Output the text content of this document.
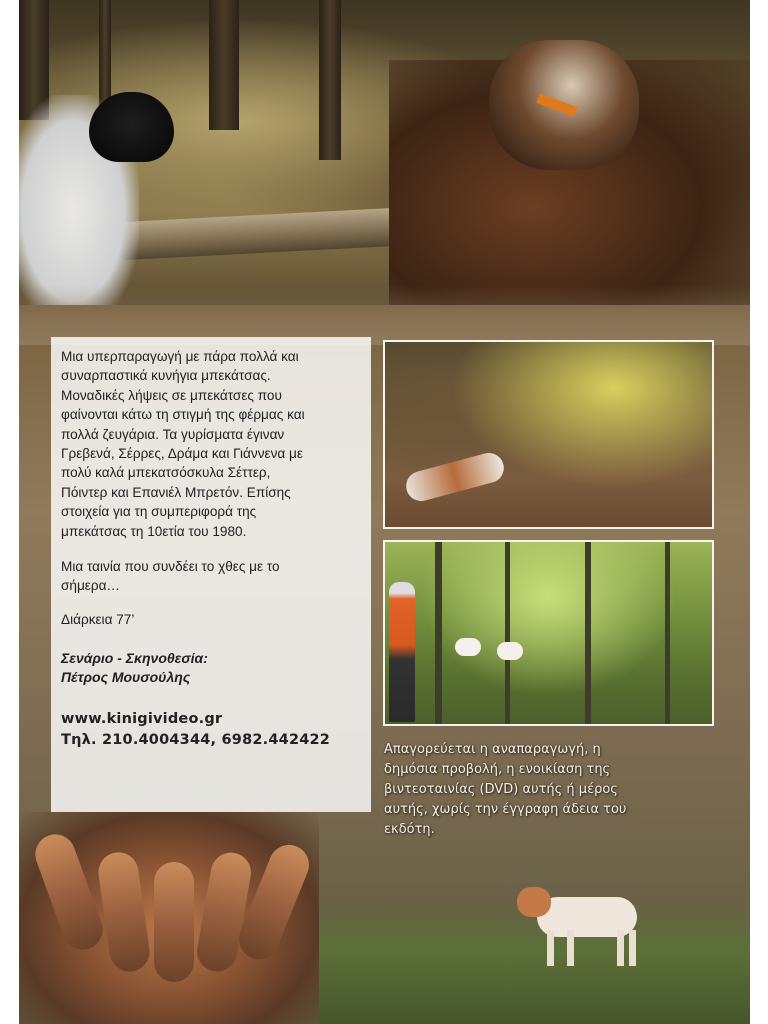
Μια υπερπαραγωγή με πάρα πολλά και
συναρπαστικά κυνήγια μπεκάτσας.
Μοναδικές λήψεις σε μπεκάτσες που
φαίνονται κάτω τη στιγμή της φέρμας και
πολλά ζευγάρια. Τα γυρίσματα έγιναν
Γρεβενά, Σέρρες, Δράμα και Γιάννενα με
πολύ καλά μπεκατσόσκυλα Σέττερ,
Πόιντερ και Επανιέλ Μπρετόν. Επίσης
στοιχεία για τη συμπεριφορά της
μπεκάτσας τη 10ετία του 1980.

Μια ταινία που συνδέει το χθες με το
σήμερα…

Διάρκεια 77’

Σενάριο - Σκηνοθεσία:
Πέτρος Μουσούλης
www.kinigivideo.gr
Τηλ. 210.4004344, 6982.442422
Απαγορεύεται η αναπαραγωγή, η
δημόσια προβολή, η ενοικίαση της
βιντεοταινίας (DVD) αυτής ή μέρος
αυτής, χωρίς την έγγραφη άδεια του
εκδότη.
